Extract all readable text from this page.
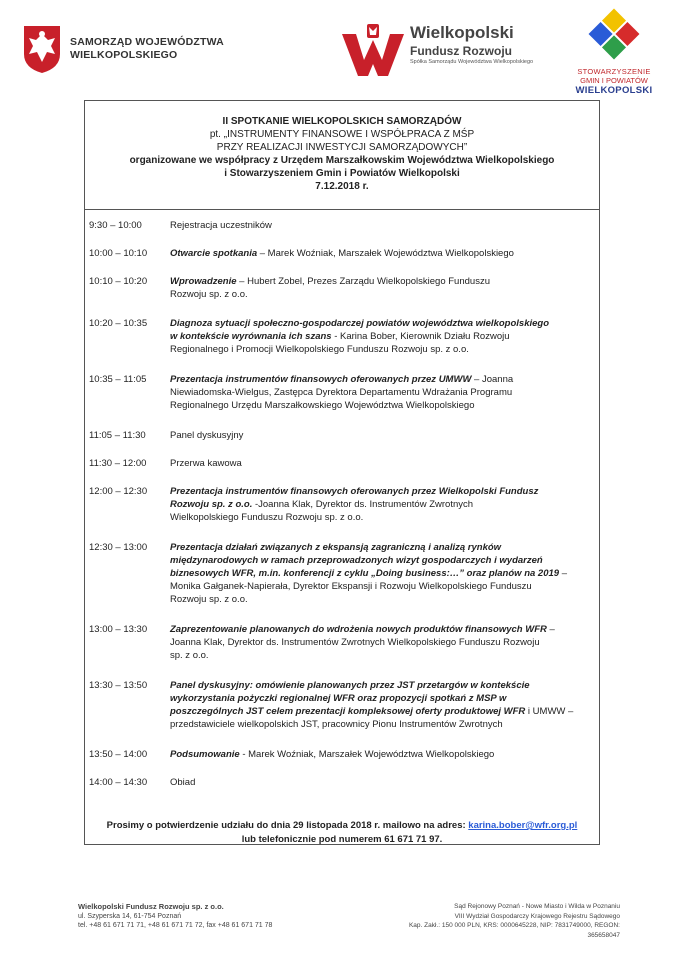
SAMORZĄD WOJEWÓDZTWA
WIELKOPOLSKIEGO
Wielkopolski
Fundusz Rozwoju
Spółka Samorządu Województwa Wielkopolskiego
STOWARZYSZENIE
GMIN I POWIATÓW
WIELKOPOLSKI
II SPOTKANIE WIELKOPOLSKICH SAMORZĄDÓW
pt. „INSTRUMENTY FINANSOWE I WSPÓŁPRACA Z MŚP
PRZY REALIZACJI INWESTYCJI SAMORZĄDOWYCH”
organizowane we współpracy z Urzędem Marszałkowskim Województwa Wielkopolskiego
i Stowarzyszeniem Gmin i Powiatów Wielkopolski
7.12.2018 r.
9:30 – 10:00	Rejestracja uczestników
10:00 – 10:10 Otwarcie spotkania – Marek Woźniak, Marszałek Województwa Wielkopolskiego
10:10 – 10:20 Wprowadzenie – Hubert Zobel, Prezes Zarządu Wielkopolskiego Funduszu
Rozwoju sp. z o.o.
10:20 – 10:35 Diagnoza sytuacji społeczno-gospodarczej powiatów województwa wielkopolskiego
w kontekście wyrównania ich szans - Karina Bober, Kierownik Działu Rozwoju
Regionalnego i Promocji Wielkopolskiego Funduszu Rozwoju sp. z o.o.
10:35 – 11:05 Prezentacja instrumentów finansowych oferowanych przez UMWW – Joanna
Niewiadomska-Wielgus, Zastępca Dyrektora Departamentu Wdrażania Programu
Regionalnego Urzędu Marszałkowskiego Województwa Wielkopolskiego
11:05 – 11:30	Panel dyskusyjny
11:30 – 12:00 Przerwa kawowa
12:00 – 12:30 Prezentacja instrumentów finansowych oferowanych przez Wielkopolski Fundusz
Rozwoju sp. z o.o. -Joanna Klak, Dyrektor ds. Instrumentów Zwrotnych
Wielkopolskiego Funduszu Rozwoju sp. z o.o.
12:30 – 13:00 Prezentacja działań związanych z ekspansją zagraniczną i analizą rynków
międzynarodowych w ramach przeprowadzonych wizyt gospodarczych i wydarzeń
biznesowych WFR, m.in. konferencji z cyklu „Doing business:…” oraz planów na 2019 –
Monika Gałganek-Napierała, Dyrektor Ekspansji i Rozwoju Wielkopolskiego Funduszu
Rozwoju sp. z o.o.
13:00 – 13:30 Zaprezentowanie planowanych do wdrożenia nowych produktów finansowych WFR –
Joanna Klak, Dyrektor ds. Instrumentów Zwrotnych Wielkopolskiego Funduszu Rozwoju
sp. z o.o.
13:30 – 13:50 Panel dyskusyjny: omówienie planowanych przez JST przetargów w kontekście
wykorzystania pożyczki regionalnej WFR oraz propozycji spotkań z MSP w
poszczególnych JST celem prezentacji kompleksowej oferty produktowej WFR i UMWW –
przedstawiciele wielkopolskich JST, pracownicy Pionu Instrumentów Zwrotnych
13:50 – 14:00 Podsumowanie - Marek Woźniak, Marszałek Województwa Wielkopolskiego
14:00 – 14:30 Obiad
Prosimy o potwierdzenie udziału do dnia 29 listopada 2018 r. mailowo na adres: karina.bober@wfr.org.pl
lub telefonicznie pod numerem 61 671 71 97.
Wielkopolski Fundusz Rozwoju sp. z o.o.
ul. Szyperska 14, 61-754 Poznań
tel. +48 61 671 71 71, +48 61 671 71 72, fax +48 61 671 71 78
Sąd Rejonowy Poznań - Nowe Miasto i Wilda w Poznaniu
VIII Wydział Gospodarczy Krajowego Rejestru Sądowego
Kap. Zakł.: 150 000 PLN, KRS: 0000645228, NIP: 7831749000, REGON: 365658047
